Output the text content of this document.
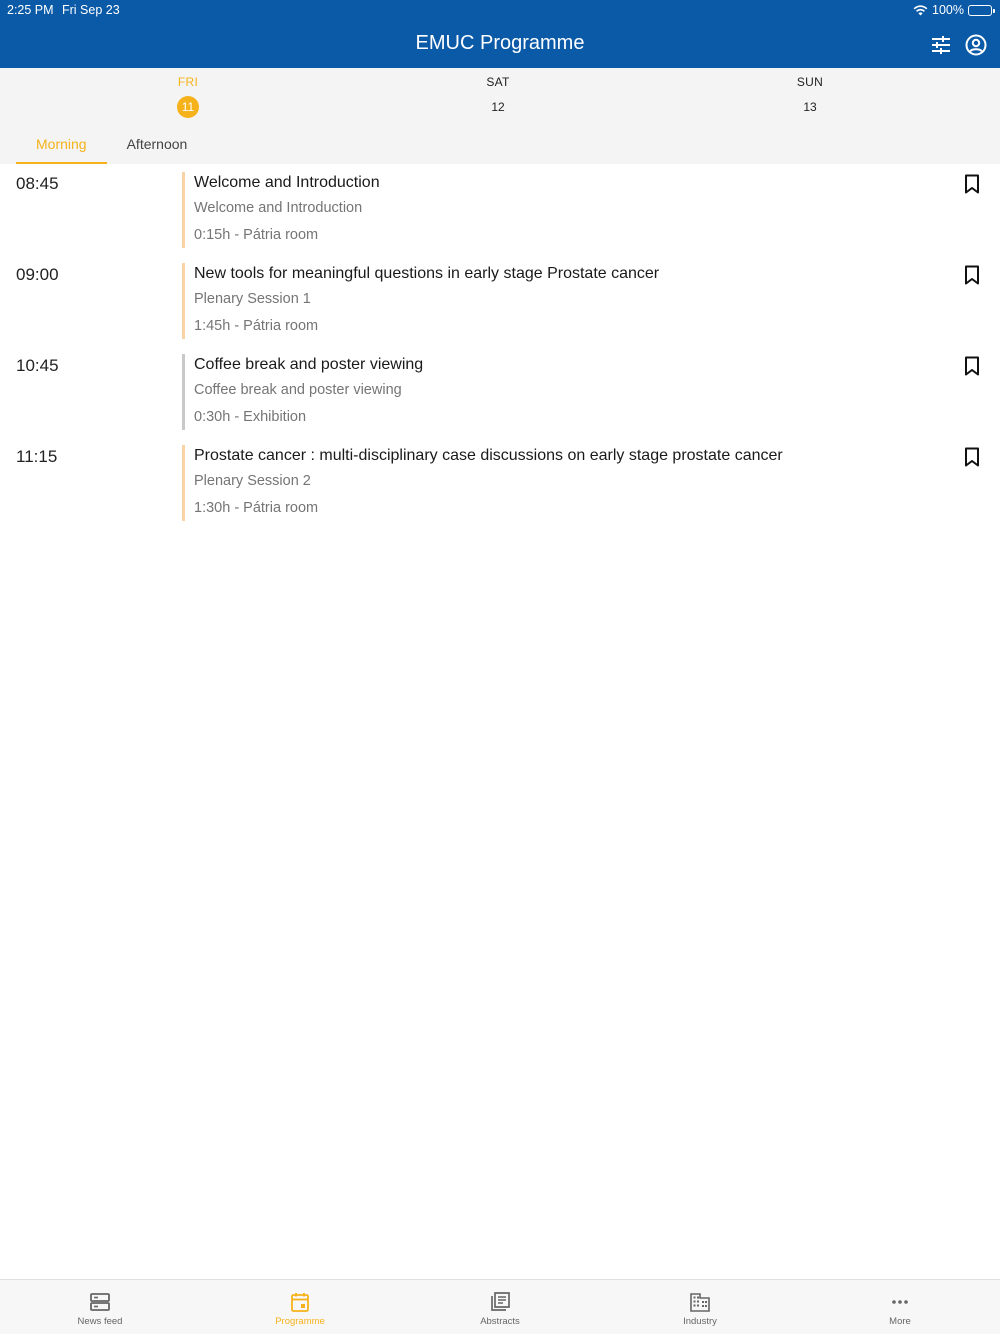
2:25 PM Fri Sep 23	100%
EMUC Programme
FRI
11
SAT
12
SUN
13
Morning	Afternoon
08:45	Welcome and Introduction
Welcome and Introduction
0:15h - Pátria room
09:00	New tools for meaningful questions in early stage Prostate cancer
Plenary Session 1
1:45h - Pátria room
10:45	Coffee break and poster viewing
Coffee break and poster viewing
0:30h - Exhibition
11:15	Prostate cancer : multi-disciplinary case discussions on early stage prostate cancer
Plenary Session 2
1:30h - Pátria room
News feed	Programme	Abstracts	Industry	More
